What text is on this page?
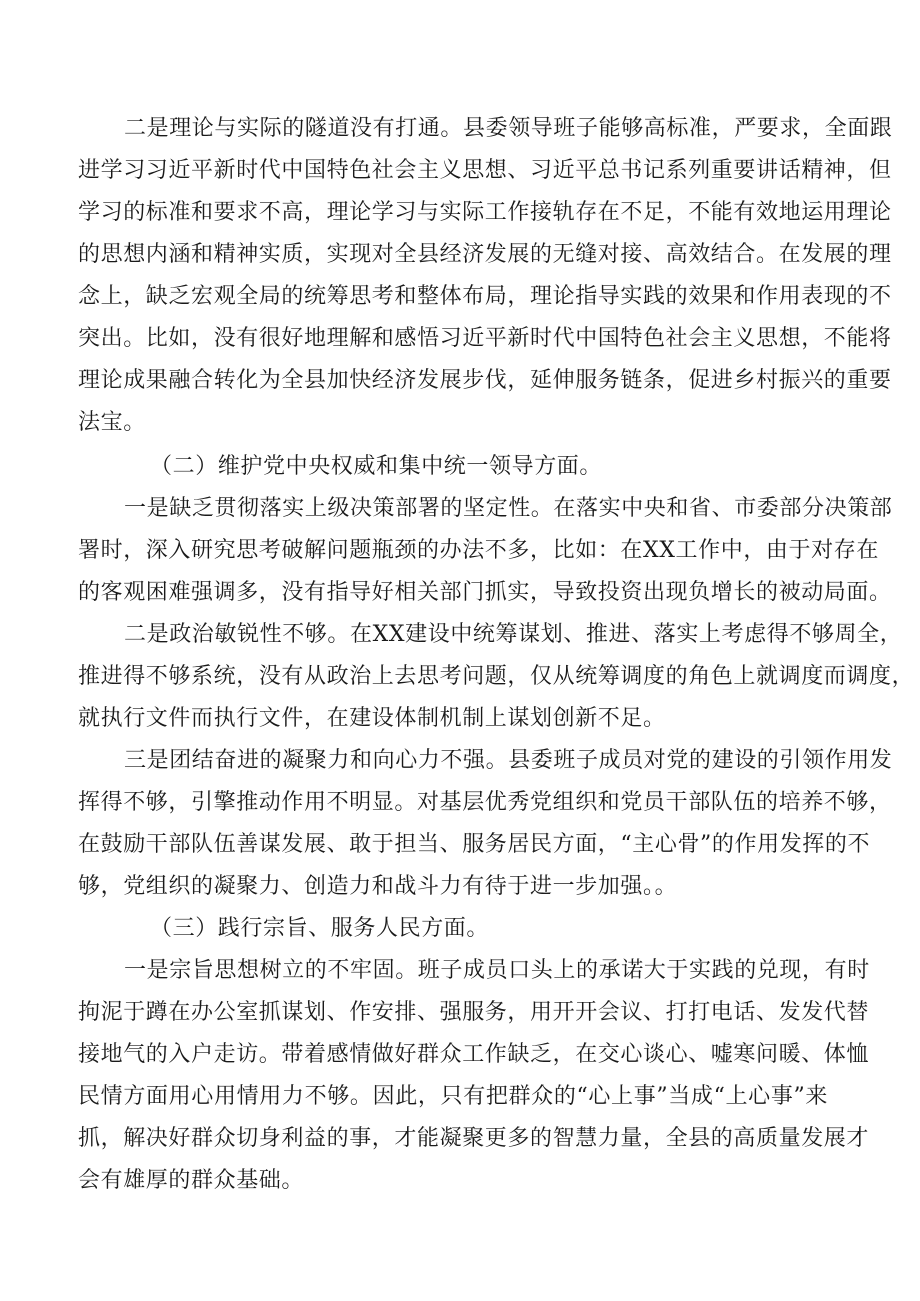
二是理论与实际的隧道没有打通。县委领导班子能够高标准，严要求，全面跟

进学习习近平新时代中国特色社会主义思想、习近平总书记系列重要讲话精神，但

学习的标准和要求不高，理论学习与实际工作接轨存在不足，不能有效地运用理论

的思想内涵和精神实质，实现对全县经济发展的无缝对接、高效结合。在发展的理

念上，缺乏宏观全局的统筹思考和整体布局，理论指导实践的效果和作用表现的不

突出。比如，没有很好地理解和感悟习近平新时代中国特色社会主义思想，不能将

理论成果融合转化为全县加快经济发展步伐，延伸服务链条，促进乡村振兴的重要

法宝。

（二）维护党中央权威和集中统一领导方面。

一是缺乏贯彻落实上级决策部署的坚定性。在落实中央和省、市委部分决策部

署时，深入研究思考破解问题瓶颈的办法不多，比如：在XX工作中，由于对存在

的客观困难强调多，没有指导好相关部门抓实，导致投资出现负增长的被动局面。

二是政治敏锐性不够。在XX建设中统筹谋划、推进、落实上考虑得不够周全，

推进得不够系统，没有从政治上去思考问题，仅从统筹调度的角色上就调度而调度，

就执行文件而执行文件，在建设体制机制上谋划创新不足。

三是团结奋进的凝聚力和向心力不强。县委班子成员对党的建设的引领作用发

挥得不够，引擎推动作用不明显。对基层优秀党组织和党员干部队伍的培养不够，

在鼓励干部队伍善谋发展、敢于担当、服务居民方面，“主心骨”的作用发挥的不

够，党组织的凝聚力、创造力和战斗力有待于进一步加强。。

（三）践行宗旨、服务人民方面。

一是宗旨思想树立的不牢固。班子成员口头上的承诺大于实践的兑现，有时

拘泥于蹲在办公室抓谋划、作安排、强服务，用开开会议、打打电话、发发代替

接地气的入户走访。带着感情做好群众工作缺乏，在交心谈心、嘘寒问暖、体恤

民情方面用心用情用力不够。因此，只有把群众的“心上事”当成“上心事”来

抓，解决好群众切身利益的事，才能凝聚更多的智慧力量，全县的高质量发展才

会有雄厚的群众基础。
